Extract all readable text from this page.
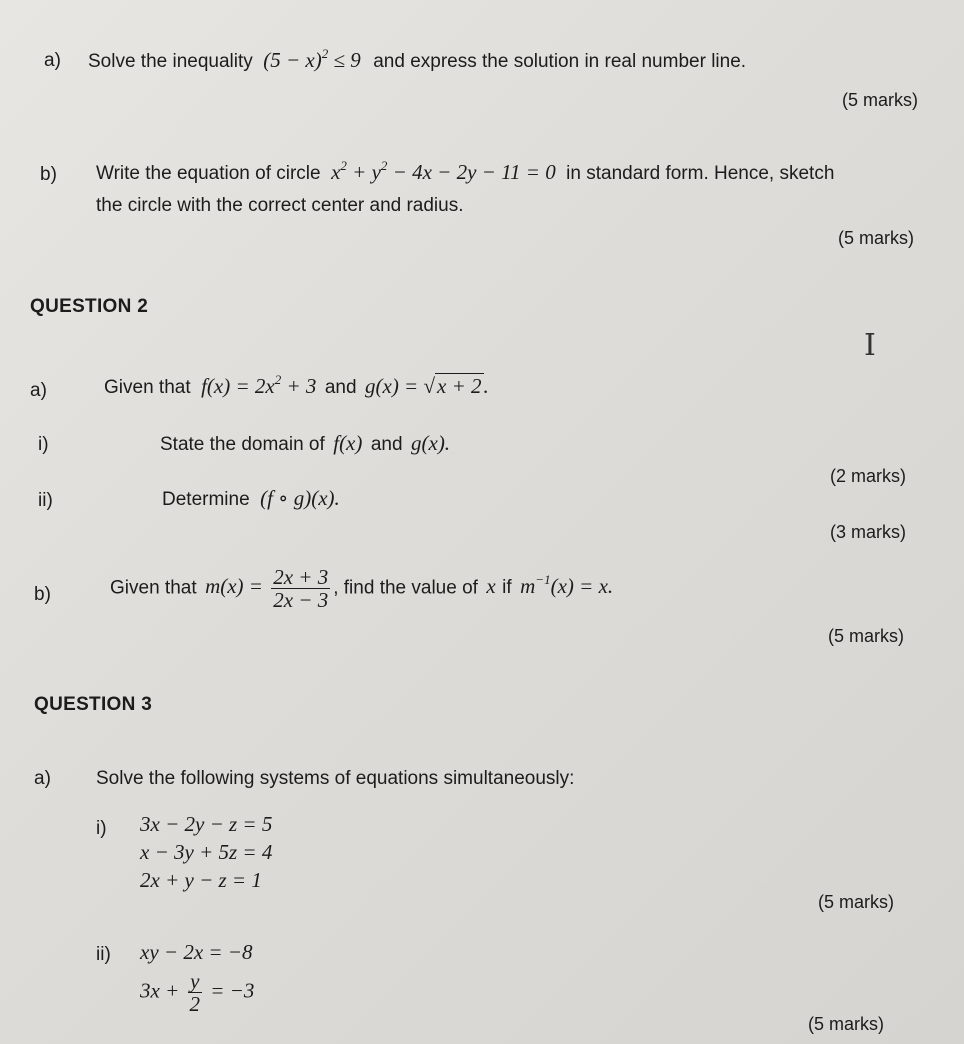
a) Solve the inequality $(5 - x)^2 \le 9$ and express the solution in real number line.
(5 marks)
b) Write the equation of circle $x^2 + y^2 - 4x - 2y - 11 = 0$ in standard form. Hence, sketch
the circle with the correct center and radius.
(5 marks)
QUESTION 2
I
a)	Given that $f(x) = 2x^2 + 3$ and g(x) = √x + 2.
i)	State the domain of f(x) and g(x).
(2 marks)
ii)	Determine (f ∘ g)(x).
(3 marks)
b)	Given that $m(x) = \frac{2x + 3}{2x - 3}$ , find the value of x if $m^{-1}(x) = x$.
(5 marks)
QUESTION 3
a) Solve the following systems of equations simultaneously:
i) 3x − 2y − z = 5
x − 3y + 5z = 4
2x + y − z = 1
(5 marks)
ii) xy − 2x = −8
$3x + \frac{y}{2} = -3$
(5 marks)
